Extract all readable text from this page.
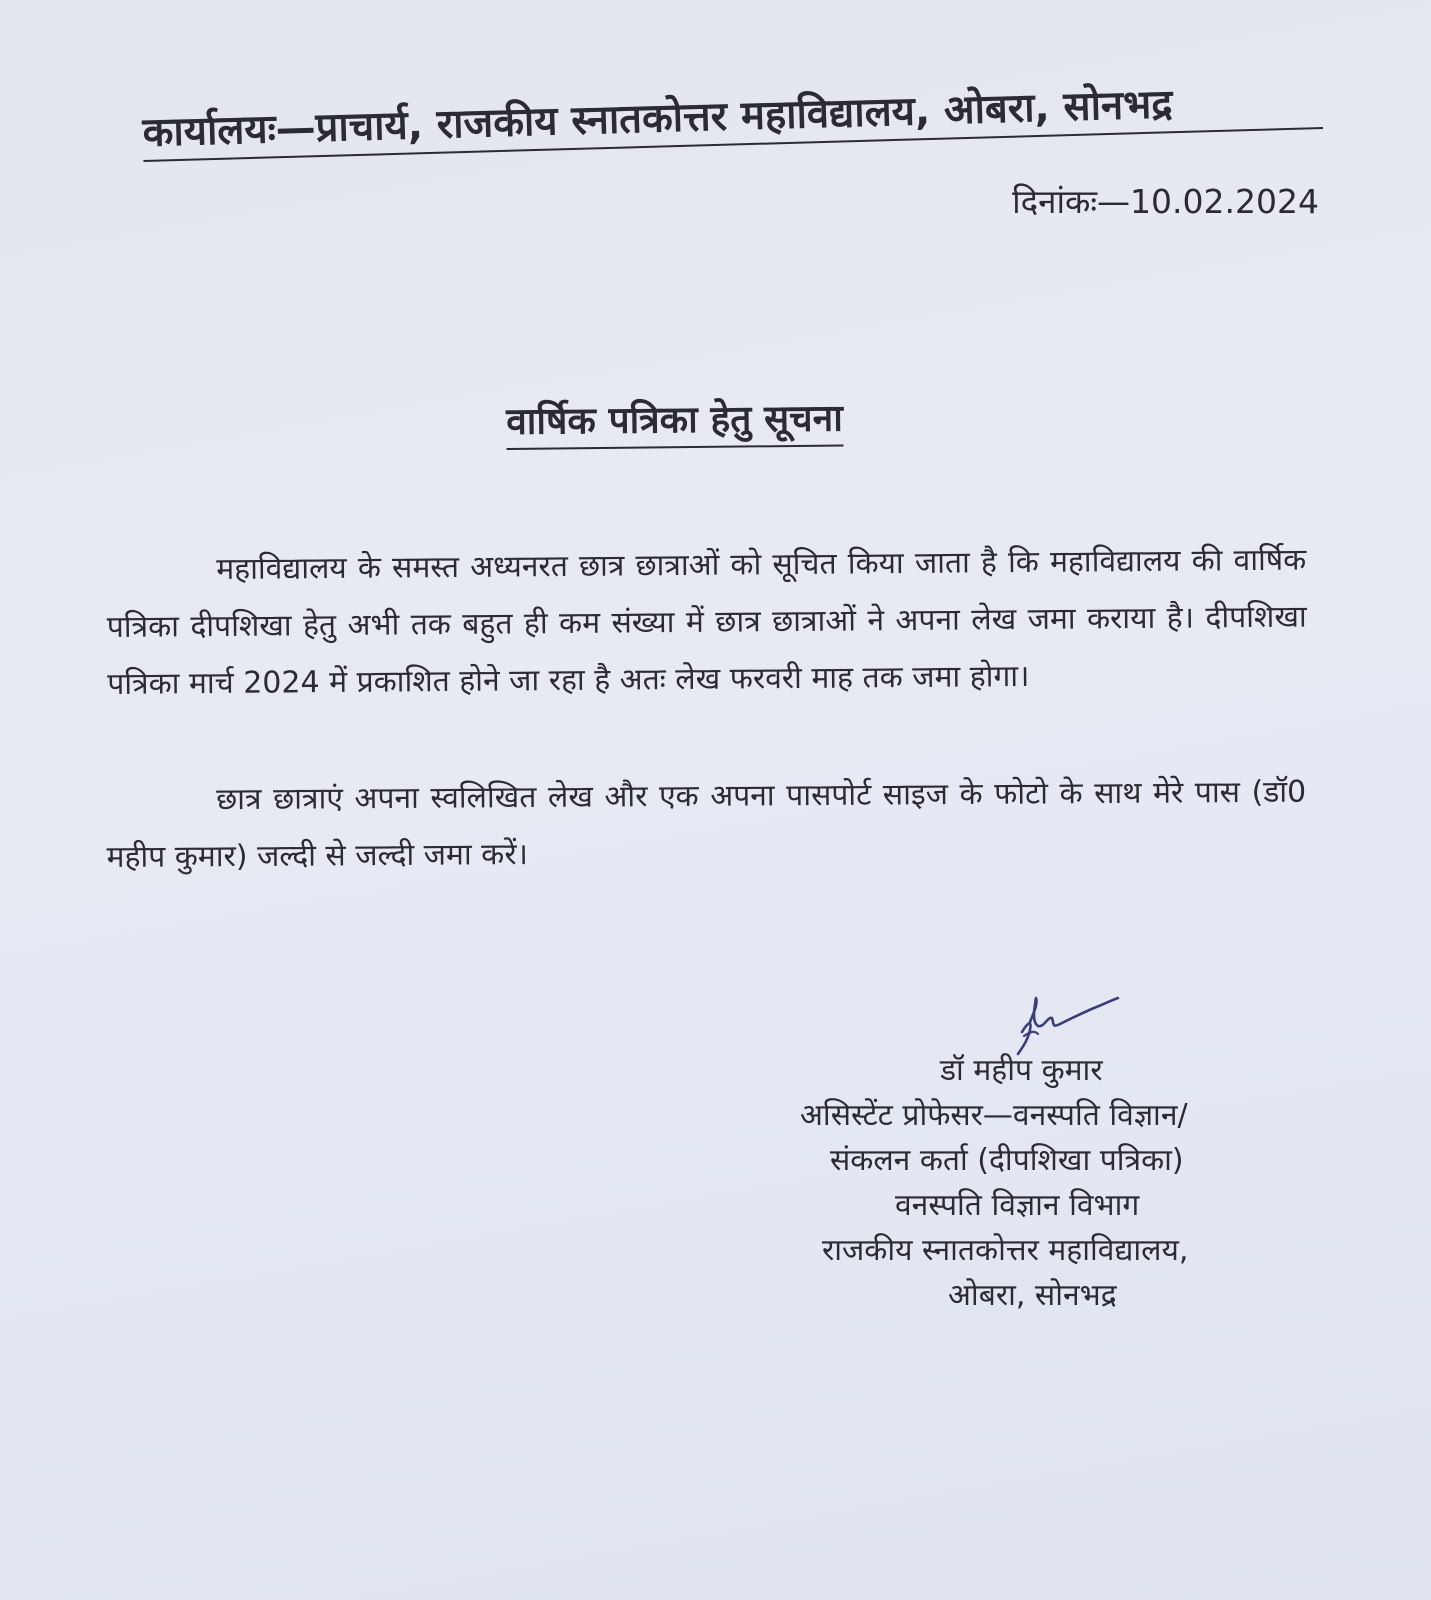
कार्यालयः—प्राचार्य, राजकीय स्नातकोत्तर महाविद्यालय, ओबरा, सोनभद्र
दिनांकः—10.02.2024
वार्षिक पत्रिका हेतु सूचना

महाविद्यालय के समस्त अध्यनरत छात्र छात्राओं को सूचित किया जाता है कि महाविद्यालय की वार्षिक पत्रिका दीपशिखा हेतु अभी तक बहुत ही कम संख्या में छात्र छात्राओं ने अपना लेख जमा कराया है। दीपशिखा पत्रिका मार्च 2024 में प्रकाशित होने जा रहा है अतः लेख फरवरी माह तक जमा होगा।

छात्र छात्राएं अपना स्वलिखित लेख और एक अपना पासपोर्ट साइज के फोटो के साथ मेरे पास (डॉ0 महीप कुमार) जल्दी से जल्दी जमा करें।

डॉ महीप कुमार
असिस्टेंट प्रोफेसर—वनस्पति विज्ञान/
संकलन कर्ता (दीपशिखा पत्रिका)
वनस्पति विज्ञान विभाग
राजकीय स्नातकोत्तर महाविद्यालय,
ओबरा, सोनभद्र
